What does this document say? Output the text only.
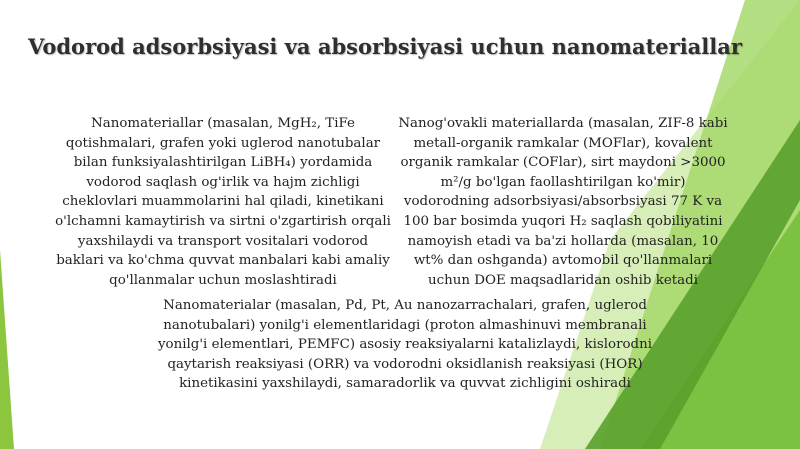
Vodorod adsorbsiyasi va absorbsiyasi uchun nanomateriallar

Nanomateriallar (masalan, MgH₂, TiFe qotishmalari, grafen yoki uglerod nanotubalar bilan funksiyalashtirilgan LiBH₄) yordamida vodorod saqlash og'irlik va hajm zichligi cheklovlari muammolarini hal qiladi, kinetikani o'lchamni kamaytirish va sirtni o'zgartirish orqali yaxshilaydi va transport vositalari vodorod baklari va ko'chma quvvat manbalari kabi amaliy qo'llanmalar uchun moslashtiradi

Nanog'ovakli materiallarda (masalan, ZIF-8 kabi metall-organik ramkalar (MOFlar), kovalent organik ramkalar (COFlar), sirt maydoni >3000 m²/g bo'lgan faollashtirilgan ko'mir) vodorodning adsorbsiyasi/absorbsiyasi 77 K va 100 bar bosimda yuqori H₂ saqlash qobiliyatini namoyish etadi va ba'zi hollarda (masalan, 10 wt% dan oshganda) avtomobil qo'llanmalari uchun DOE maqsadlaridan oshib ketadi

Nanomaterialar (masalan, Pd, Pt, Au nanozarrachalari, grafen, uglerod nanotubalari) yonilg'i elementlaridagi (proton almashinuvi membranali yonilg'i elementlari, PEMFC) asosiy reaksiyalarni katalizlaydi, kislorodni qaytarish reaksiyasi (ORR) va vodorodni oksidlanish reaksiyasi (HOR) kinetikasini yaxshilaydi, samaradorlik va quvvat zichligini oshiradi
